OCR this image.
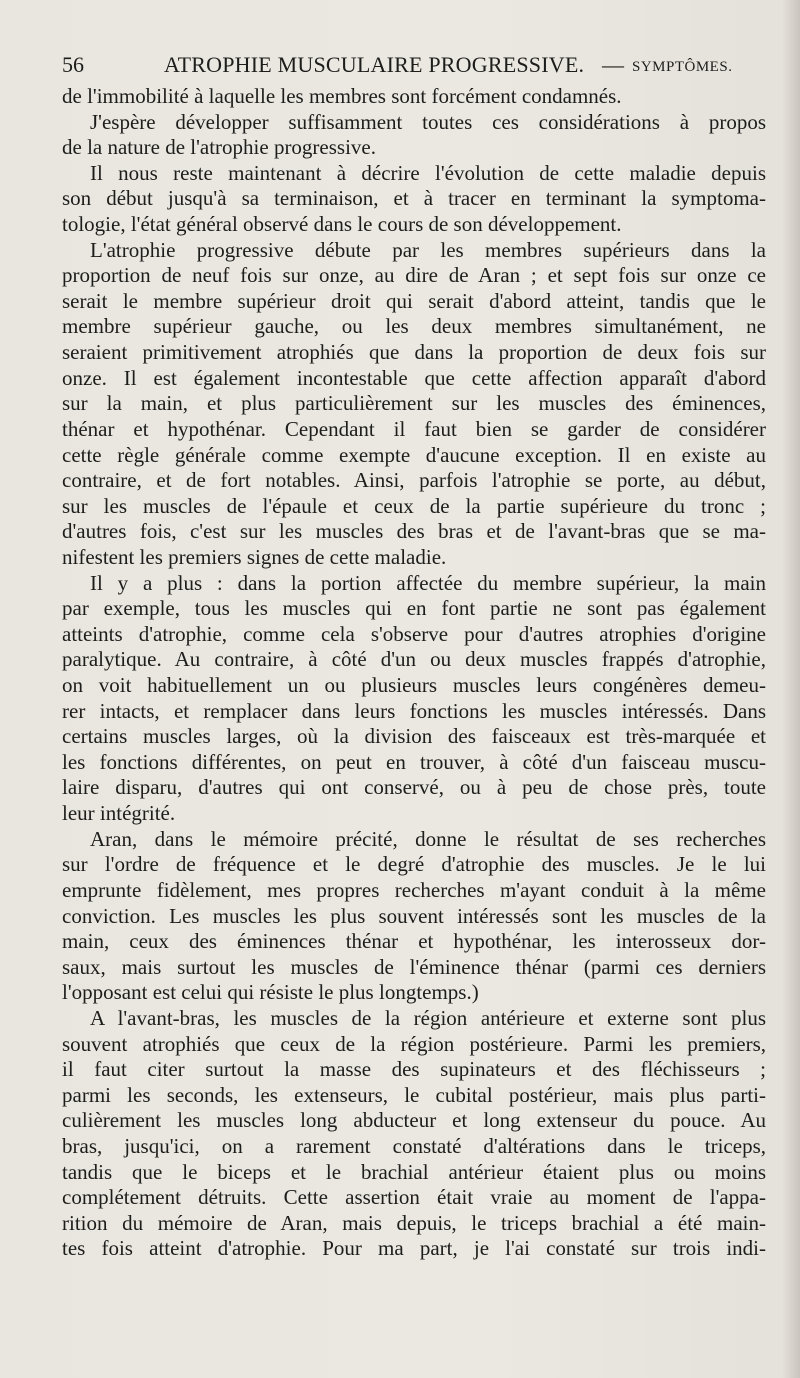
56	ATROPHIE MUSCULAIRE PROGRESSIVE. — SYMPTÔMES.
de l'immobilité à laquelle les membres sont forcément condamnés.
J'espère développer suffisamment toutes ces considérations à propos
de la nature de l'atrophie progressive.
Il nous reste maintenant à décrire l'évolution de cette maladie depuis
son début jusqu'à sa terminaison, et à tracer en terminant la symptoma-
tologie, l'état général observé dans le cours de son développement.
L'atrophie progressive débute par les membres supérieurs dans la
proportion de neuf fois sur onze, au dire de Aran ; et sept fois sur onze ce
serait le membre supérieur droit qui serait d'abord atteint, tandis que le
membre supérieur gauche, ou les deux membres simultanément, ne
seraient primitivement atrophiés que dans la proportion de deux fois sur
onze. Il est également incontestable que cette affection apparaît d'abord
sur la main, et plus particulièrement sur les muscles des éminences,
thénar et hypothénar. Cependant il faut bien se garder de considérer
cette règle générale comme exempte d'aucune exception. Il en existe au
contraire, et de fort notables. Ainsi, parfois l'atrophie se porte, au début,
sur les muscles de l'épaule et ceux de la partie supérieure du tronc ;
d'autres fois, c'est sur les muscles des bras et de l'avant-bras que se ma-
nifestent les premiers signes de cette maladie.
Il y a plus : dans la portion affectée du membre supérieur, la main
par exemple, tous les muscles qui en font partie ne sont pas également
atteints d'atrophie, comme cela s'observe pour d'autres atrophies d'origine
paralytique. Au contraire, à côté d'un ou deux muscles frappés d'atrophie,
on voit habituellement un ou plusieurs muscles leurs congénères demeu-
rer intacts, et remplacer dans leurs fonctions les muscles intéressés. Dans
certains muscles larges, où la division des faisceaux est très-marquée et
les fonctions différentes, on peut en trouver, à côté d'un faisceau muscu-
laire disparu, d'autres qui ont conservé, ou à peu de chose près, toute
leur intégrité.
Aran, dans le mémoire précité, donne le résultat de ses recherches
sur l'ordre de fréquence et le degré d'atrophie des muscles. Je le lui
emprunte fidèlement, mes propres recherches m'ayant conduit à la même
conviction. Les muscles les plus souvent intéressés sont les muscles de la
main, ceux des éminences thénar et hypothénar, les interosseux dor-
saux, mais surtout les muscles de l'éminence thénar (parmi ces derniers
l'opposant est celui qui résiste le plus longtemps.)
A l'avant-bras, les muscles de la région antérieure et externe sont plus
souvent atrophiés que ceux de la région postérieure. Parmi les premiers,
il faut citer surtout la masse des supinateurs et des fléchisseurs ;
parmi les seconds, les extenseurs, le cubital postérieur, mais plus parti-
culièrement les muscles long abducteur et long extenseur du pouce. Au
bras, jusqu'ici, on a rarement constaté d'altérations dans le triceps,
tandis que le biceps et le brachial antérieur étaient plus ou moins
complétement détruits. Cette assertion était vraie au moment de l'appa-
rition du mémoire de Aran, mais depuis, le triceps brachial a été main-
tes fois atteint d'atrophie. Pour ma part, je l'ai constaté sur trois indi-
